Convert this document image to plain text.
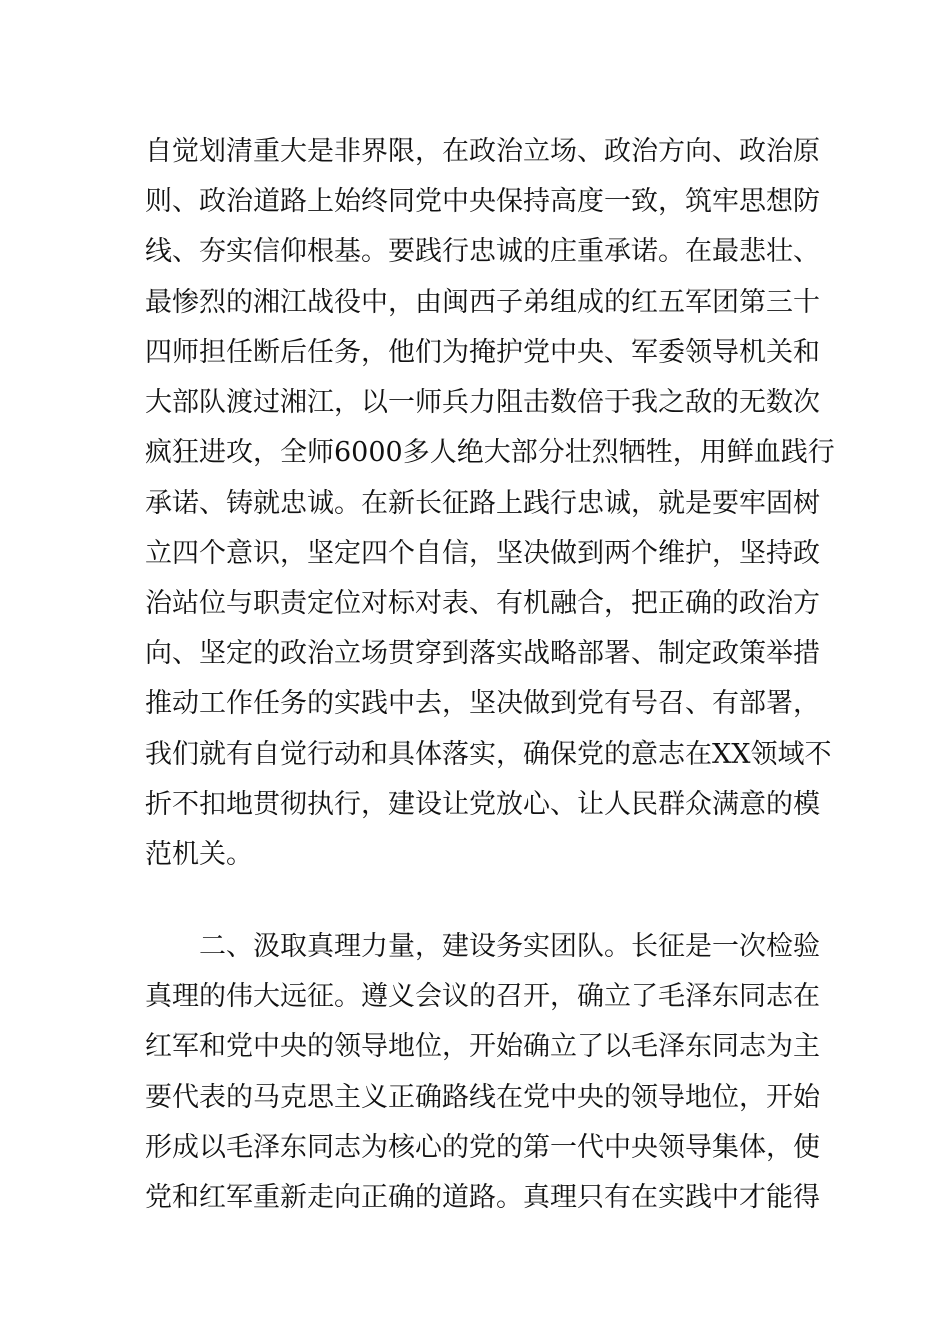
自觉划清重大是非界限，在政治立场、政治方向、政治原
则、政治道路上始终同党中央保持高度一致，筑牢思想防
线、夯实信仰根基。要践行忠诚的庄重承诺。在最悲壮、
最惨烈的湘江战役中，由闽西子弟组成的红五军团第三十
四师担任断后任务，他们为掩护党中央、军委领导机关和
大部队渡过湘江，以一师兵力阻击数倍于我之敌的无数次
疯狂进攻，全师6000多人绝大部分壮烈牺牲，用鲜血践行
承诺、铸就忠诚。在新长征路上践行忠诚，就是要牢固树
立四个意识，坚定四个自信，坚决做到两个维护，坚持政
治站位与职责定位对标对表、有机融合，把正确的政治方
向、坚定的政治立场贯穿到落实战略部署、制定政策举措
推动工作任务的实践中去，坚决做到党有号召、有部署，
我们就有自觉行动和具体落实，确保党的意志在XX领域不
折不扣地贯彻执行，建设让党放心、让人民群众满意的模
范机关。
二、汲取真理力量，建设务实团队。长征是一次检验
真理的伟大远征。遵义会议的召开，确立了毛泽东同志在
红军和党中央的领导地位，开始确立了以毛泽东同志为主
要代表的马克思主义正确路线在党中央的领导地位，开始
形成以毛泽东同志为核心的党的第一代中央领导集体，使
党和红军重新走向正确的道路。真理只有在实践中才能得
